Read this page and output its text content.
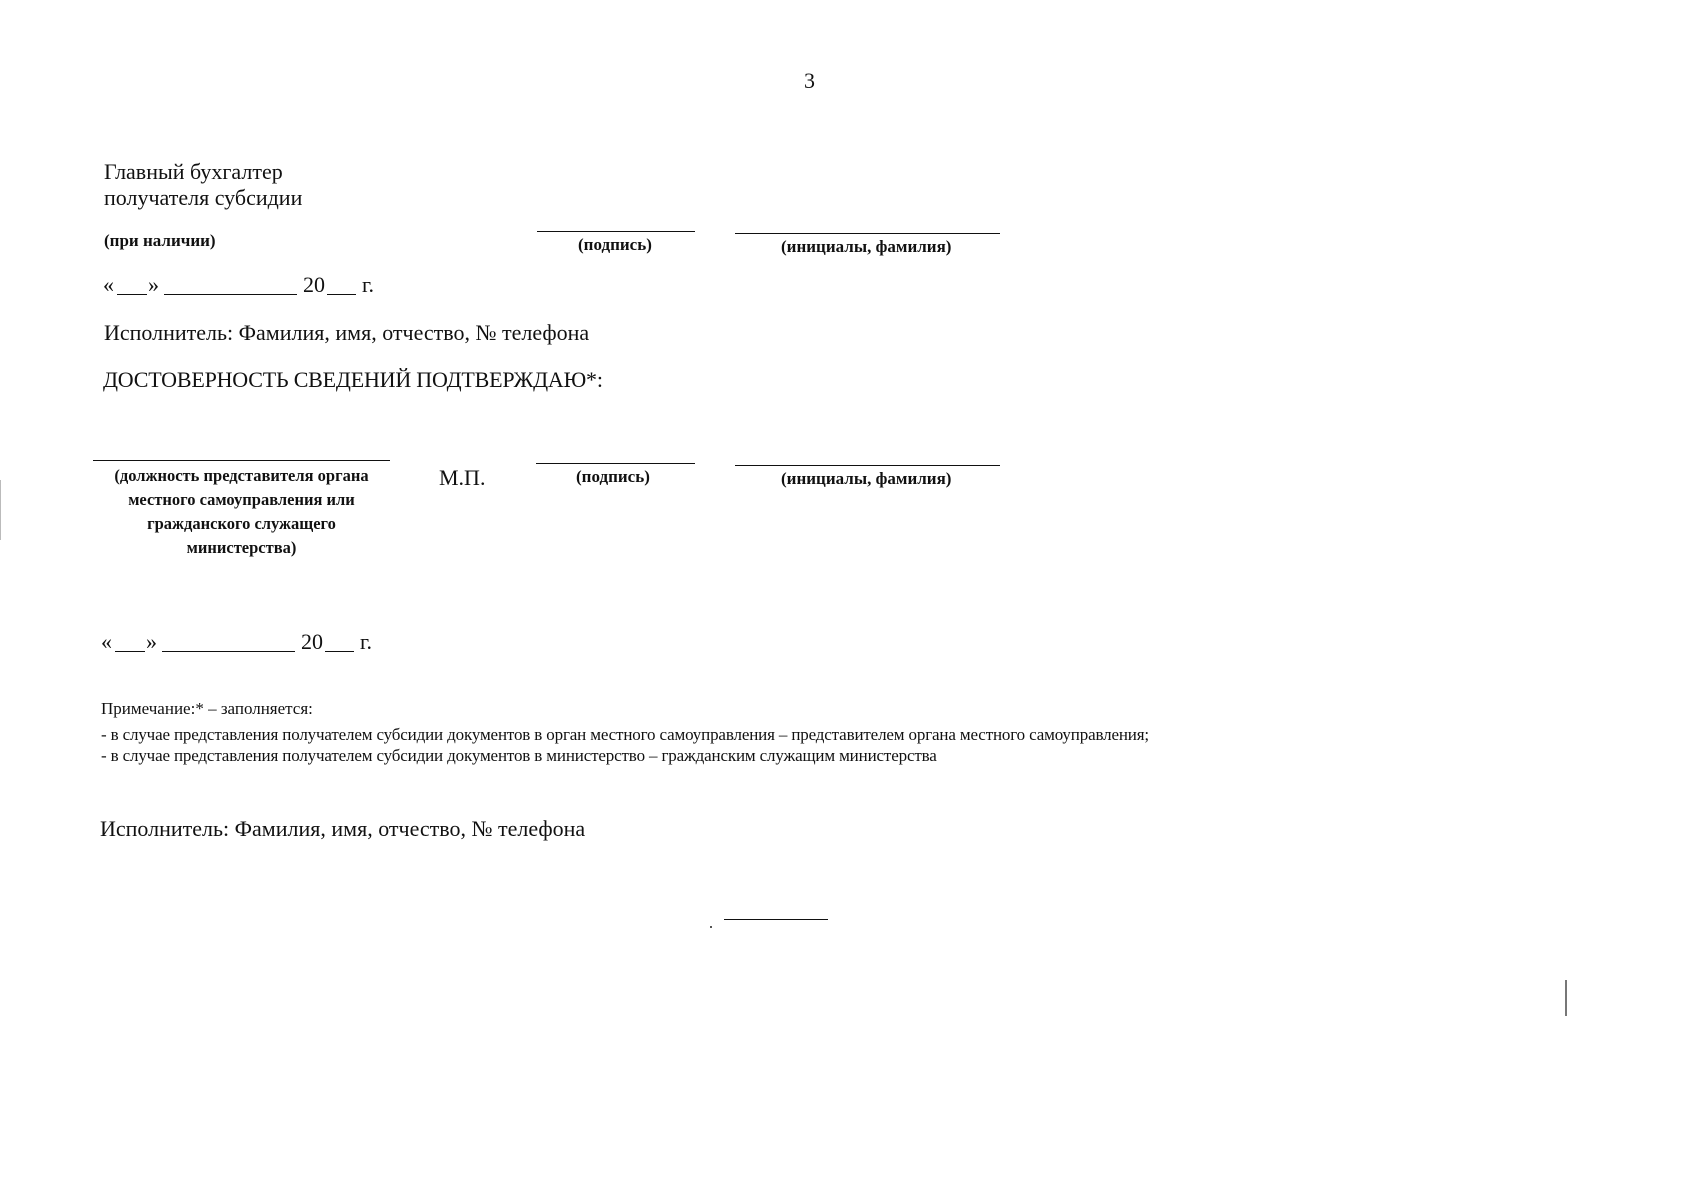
3
Главный бухгалтер
получателя субсидии
(при наличии)	(подпись)	(инициалы, фамилия)
« »	20 г.
Исполнитель: Фамилия, имя, отчество, № телефона
ДОСТОВЕРНОСТЬ СВЕДЕНИЙ ПОДТВЕРЖДАЮ*:
(должность представителя органа
местного самоуправления или
гражданского служащего
министерства)
М.П.	(подпись)	(инициалы, фамилия)
« »	20 г.
Примечание:* – заполняется:
- в случае представления получателем субсидии документов в орган местного самоуправления – представителем органа местного самоуправления;
- в случае представления получателем субсидии документов в министерство – гражданским служащим министерства
Исполнитель: Фамилия, имя, отчество, № телефона
